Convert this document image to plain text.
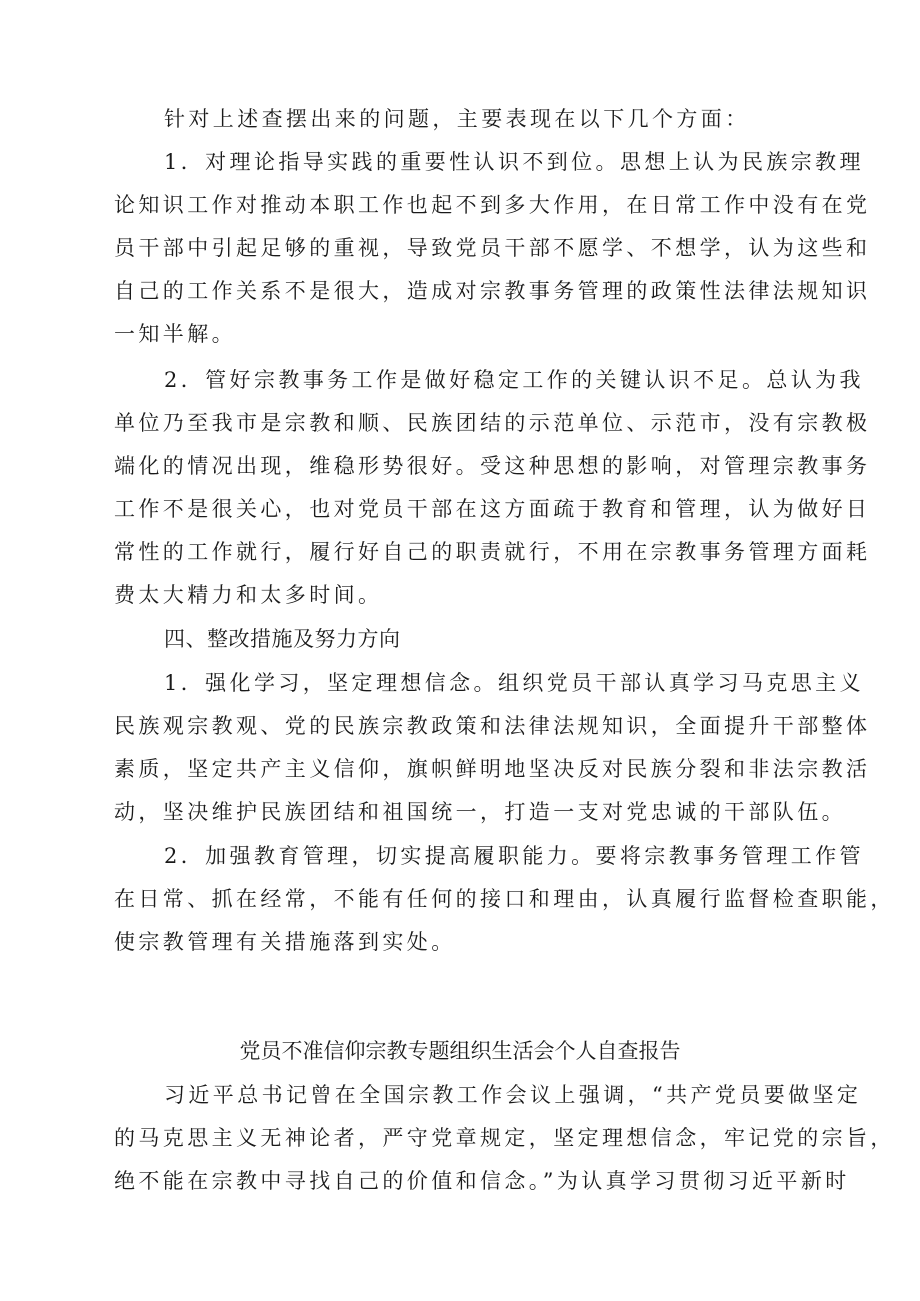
针对上述查摆出来的问题，主要表现在以下几个方面：
1．对理论指导实践的重要性认识不到位。思想上认为民族宗教理
论知识工作对推动本职工作也起不到多大作用，在日常工作中没有在党
员干部中引起足够的重视，导致党员干部不愿学、不想学，认为这些和
自己的工作关系不是很大，造成对宗教事务管理的政策性法律法规知识
一知半解。
2．管好宗教事务工作是做好稳定工作的关键认识不足。总认为我
单位乃至我市是宗教和顺、民族团结的示范单位、示范市，没有宗教极
端化的情况出现，维稳形势很好。受这种思想的影响，对管理宗教事务
工作不是很关心，也对党员干部在这方面疏于教育和管理，认为做好日
常性的工作就行，履行好自己的职责就行，不用在宗教事务管理方面耗
费太大精力和太多时间。
四、整改措施及努力方向
1．强化学习，坚定理想信念。组织党员干部认真学习马克思主义
民族观宗教观、党的民族宗教政策和法律法规知识，全面提升干部整体
素质，坚定共产主义信仰，旗帜鲜明地坚决反对民族分裂和非法宗教活
动，坚决维护民族团结和祖国统一，打造一支对党忠诚的干部队伍。
2．加强教育管理，切实提高履职能力。要将宗教事务管理工作管
在日常、抓在经常，不能有任何的接口和理由，认真履行监督检查职能，
使宗教管理有关措施落到实处。
党员不准信仰宗教专题组织生活会个人自查报告
习近平总书记曾在全国宗教工作会议上强调，“共产党员要做坚定
的马克思主义无神论者，严守党章规定，坚定理想信念，牢记党的宗旨，
绝不能在宗教中寻找自己的价值和信念。”为认真学习贯彻习近平新时
